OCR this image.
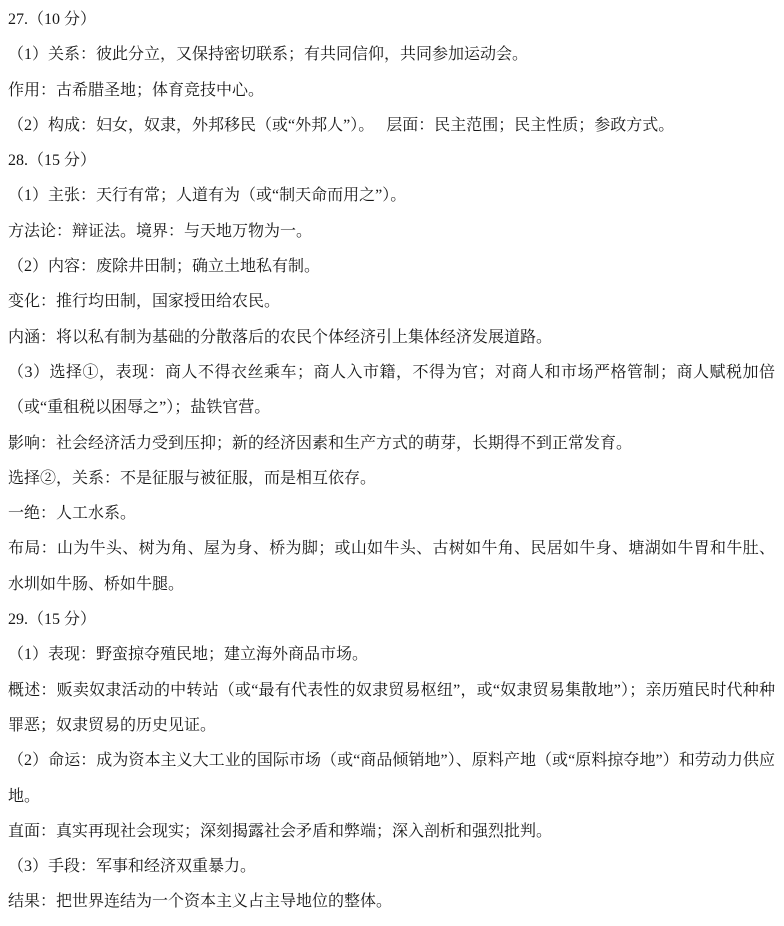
27.（10 分）

（1）关系：彼此分立，又保持密切联系；有共同信仰，共同参加运动会。

作用：古希腊圣地；体育竞技中心。

（2）构成：妇女，奴隶，外邦移民（或“外邦人”）。　 层面：民主范围；民主性质；参政方式。

28.（15 分）

（1）主张：天行有常；人道有为（或“制天命而用之”）。

方法论：辩证法。境界：与天地万物为一。

（2）内容：废除井田制；确立土地私有制。

变化：推行均田制，国家授田给农民。

内涵：将以私有制为基础的分散落后的农民个体经济引上集体经济发展道路。

（3）选择①，表现：商人不得衣丝乘车；商人入市籍，不得为官；对商人和市场严格管制；商人赋税加倍（或“重租税以困辱之”）；盐铁官营。

影响：社会经济活力受到压抑；新的经济因素和生产方式的萌芽，长期得不到正常发育。

选择②，关系：不是征服与被征服，而是相互依存。

一绝：人工水系。

布局：山为牛头、树为角、屋为身、桥为脚；或山如牛头、古树如牛角、民居如牛身、塘湖如牛胃和牛肚、水圳如牛肠、桥如牛腿。

29.（15 分）

（1）表现：野蛮掠夺殖民地；建立海外商品市场。

概述：贩卖奴隶活动的中转站（或“最有代表性的奴隶贸易枢纽”，或“奴隶贸易集散地”）；亲历殖民时代种种罪恶；奴隶贸易的历史见证。

（2）命运：成为资本主义大工业的国际市场（或“商品倾销地”）、原料产地（或“原料掠夺地”）和劳动力供应地。

直面：真实再现社会现实；深刻揭露社会矛盾和弊端；深入剖析和强烈批判。

（3）手段：军事和经济双重暴力。

结果：把世界连结为一个资本主义占主导地位的整体。
